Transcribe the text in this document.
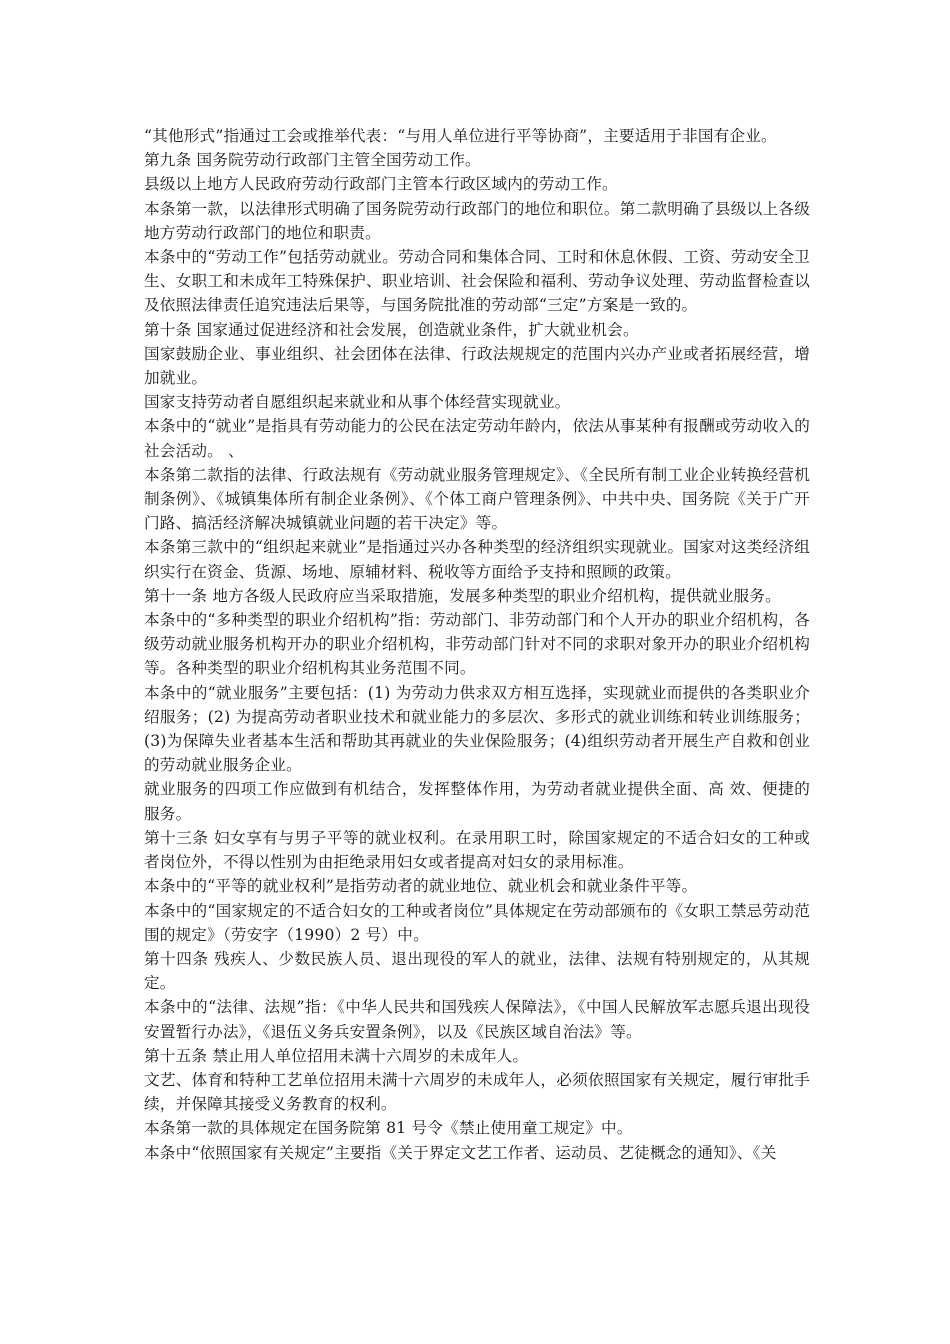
“其他形式”指通过工会或推举代表：“与用人单位进行平等协商”，主要适用于非国有企业。

第九条 国务院劳动行政部门主管全国劳动工作。

县级以上地方人民政府劳动行政部门主管本行政区域内的劳动工作。

本条第一款，以法律形式明确了国务院劳动行政部门的地位和职位。第二款明确了县级以上各级地方劳动行政部门的地位和职责。

本条中的“劳动工作”包括劳动就业。劳动合同和集体合同、工时和休息休假、工资、劳动安全卫生、女职工和未成年工特殊保护、职业培训、社会保险和福利、劳动争议处理、劳动监督检查以及依照法律责任追究违法后果等，与国务院批准的劳动部“三定”方案是一致的。

第十条 国家通过促进经济和社会发展，创造就业条件，扩大就业机会。

国家鼓励企业、事业组织、社会团体在法律、行政法规规定的范围内兴办产业或者拓展经营，增加就业。

国家支持劳动者自愿组织起来就业和从事个体经营实现就业。

本条中的“就业”是指具有劳动能力的公民在法定劳动年龄内，依法从事某种有报酬或劳动收入的社会活动。 、

本条第二款指的法律、行政法规有《劳动就业服务管理规定》、《全民所有制工业企业转换经营机制条例》、《城镇集体所有制企业条例》、《个体工商户管理条例》、中共中央、国务院《关于广开门路、搞活经济解决城镇就业问题的若干决定》等。

本条第三款中的“组织起来就业”是指通过兴办各种类型的经济组织实现就业。国家对这类经济组织实行在资金、货源、场地、原辅材料、税收等方面给予支持和照顾的政策。

第十一条 地方各级人民政府应当采取措施，发展多种类型的职业介绍机构，提供就业服务。

本条中的“多种类型的职业介绍机构”指：劳动部门、非劳动部门和个人开办的职业介绍机构，各级劳动就业服务机构开办的职业介绍机构，非劳动部门针对不同的求职对象开办的职业介绍机构等。各种类型的职业介绍机构其业务范围不同。

本条中的“就业服务”主要包括：(1) 为劳动力供求双方相互选择，实现就业而提供的各类职业介绍服务；(2) 为提高劳动者职业技术和就业能力的多层次、多形式的就业训练和转业训练服务；(3)为保障失业者基本生活和帮助其再就业的失业保险服务；(4)组织劳动者开展生产自救和创业的劳动就业服务企业。

就业服务的四项工作应做到有机结合，发挥整体作用，为劳动者就业提供全面、高 效、便捷的服务。

第十三条 妇女享有与男子平等的就业权利。在录用职工时，除国家规定的不适合妇女的工种或者岗位外，不得以性别为由拒绝录用妇女或者提高对妇女的录用标准。

本条中的“平等的就业权利”是指劳动者的就业地位、就业机会和就业条件平等。

本条中的“国家规定的不适合妇女的工种或者岗位”具体规定在劳动部颁布的《女职工禁忌劳动范围的规定》（劳安字（1990）2 号）中。

第十四条 残疾人、少数民族人员、退出现役的军人的就业，法律、法规有特别规定的，从其规定。

本条中的“法律、法规”指：《中华人民共和国残疾人保障法》，《中国人民解放军志愿兵退出现役安置暂行办法》，《退伍义务兵安置条例》，以及《民族区域自治法》等。

第十五条 禁止用人单位招用未满十六周岁的未成年人。

文艺、体育和特种工艺单位招用未满十六周岁的未成年人，必须依照国家有关规定，履行审批手续，并保障其接受义务教育的权利。

本条第一款的具体规定在国务院第 81 号令《禁止使用童工规定》中。

本条中“依照国家有关规定”主要指《关于界定文艺工作者、运动员、艺徒概念的通知》、《关
